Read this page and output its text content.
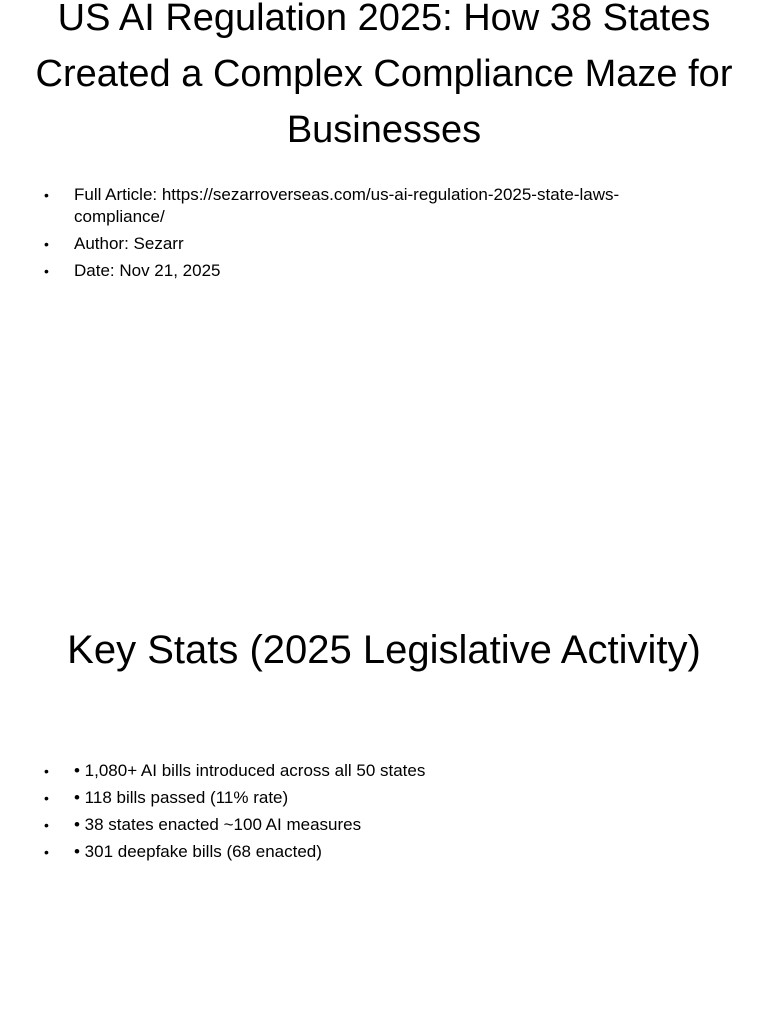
US AI Regulation 2025: How 38 States Created a Complex Compliance Maze for Businesses
• Full Article: https://sezarroverseas.com/us-ai-regulation-2025-state-laws-compliance/
• Author: Sezarr
• Date: Nov 21, 2025
Key Stats (2025 Legislative Activity)
• • 1,080+ AI bills introduced across all 50 states
• • 118 bills passed (11% rate)
• • 38 states enacted ~100 AI measures
• • 301 deepfake bills (68 enacted)
